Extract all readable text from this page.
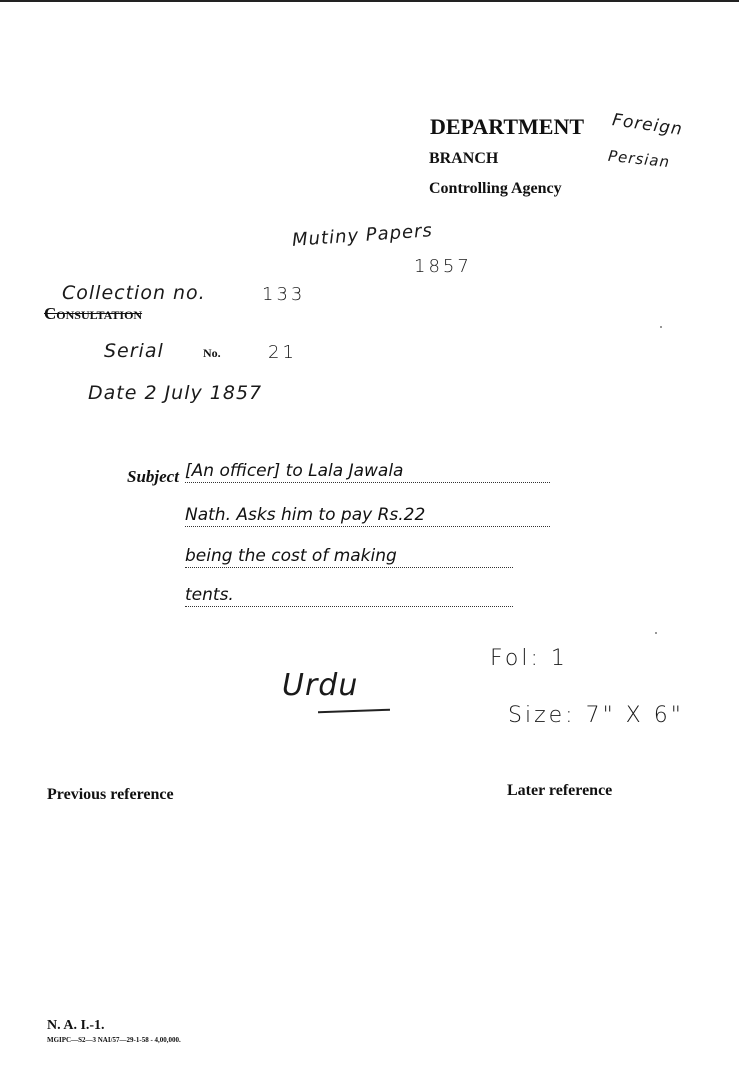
DEPARTMENT Foreign
BRANCH	Persian
Controlling Agency
Mutiny Papers
1857
Collection no.	133
Consultation
Serial	No.	21
Date 2 July 1857
Subject [An officer] to Lala Jawala
Nath. Asks him to pay Rs.22
being the cost of making
tents.
Urdu
Fol: 1
Size: 7" X 6"
Previous reference	Later reference
N. A. I.-1.
MGIPC—S2—3 NAI/57—29-1-58 - 4,00,000.
